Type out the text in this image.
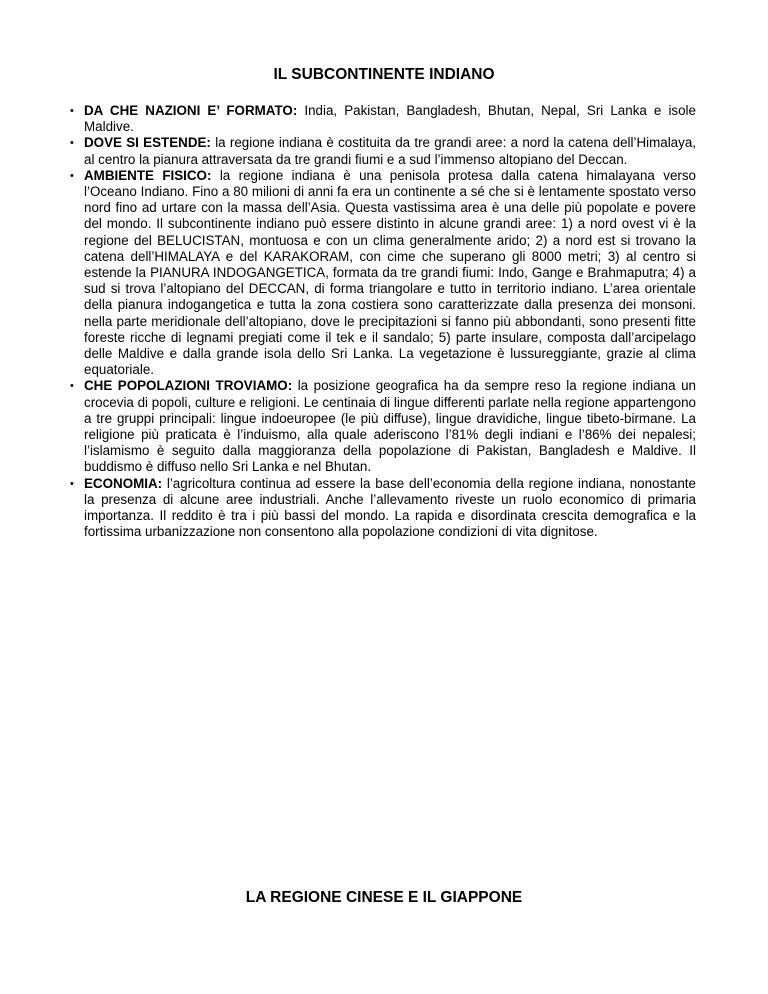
IL SUBCONTINENTE INDIANO
• DA CHE NAZIONI E’ FORMATO: India, Pakistan, Bangladesh, Bhutan, Nepal, Sri Lanka e isole Maldive.
• DOVE SI ESTENDE: la regione indiana è costituita da tre grandi aree: a nord la catena dell’Himalaya, al centro la pianura attraversata da tre grandi fiumi e a sud l’immenso altopiano del Deccan.
• AMBIENTE FISICO: la regione indiana è una penisola protesa dalla catena himalayana verso l’Oceano Indiano. Fino a 80 milioni di anni fa era un continente a sé che si è lentamente spostato verso nord fino ad urtare con la massa dell’Asia. Questa vastissima area è una delle più popolate e povere del mondo. Il subcontinente indiano può essere distinto in alcune grandi aree: 1) a nord ovest vi è la regione del BELUCISTAN, montuosa e con un clima generalmente arido; 2) a nord est si trovano la catena dell’HIMALAYA e del KARAKORAM, con cime che superano gli 8000 metri; 3) al centro si estende la PIANURA INDOGANGETICA, formata da tre grandi fiumi: Indo, Gange e Brahmaputra; 4) a sud si trova l’altopiano del DECCAN, di forma triangolare e tutto in territorio indiano. L’area orientale della pianura indogangetica e tutta la zona costiera sono caratterizzate dalla presenza dei monsoni. nella parte meridionale dell’altopiano, dove le precipitazioni si fanno più abbondanti, sono presenti fitte foreste ricche di legnami pregiati come il tek e il sandalo; 5) parte insulare, composta dall’arcipelago delle Maldive e dalla grande isola dello Sri Lanka. La vegetazione è lussureggiante, grazie al clima equatoriale.
• CHE POPOLAZIONI TROVIAMO: la posizione geografica ha da sempre reso la regione indiana un crocevia di popoli, culture e religioni. Le centinaia di lingue differenti parlate nella regione appartengono a tre gruppi principali: lingue indoeuropee (le più diffuse), lingue dravidiche, lingue tibeto-birmane. La religione più praticata è l’induismo, alla quale aderiscono l’81% degli indiani e l’86% dei nepalesi; l’islamismo è seguito dalla maggioranza della popolazione di Pakistan, Bangladesh e Maldive. Il buddismo è diffuso nello Sri Lanka e nel Bhutan.
• ECONOMIA: l’agricoltura continua ad essere la base dell’economia della regione indiana, nonostante la presenza di alcune aree industriali. Anche l’allevamento riveste un ruolo economico di primaria importanza. Il reddito è tra i più bassi del mondo. La rapida e disordinata crescita demografica e la fortissima urbanizzazione non consentono alla popolazione condizioni di vita dignitose.
LA REGIONE CINESE E IL GIAPPONE
